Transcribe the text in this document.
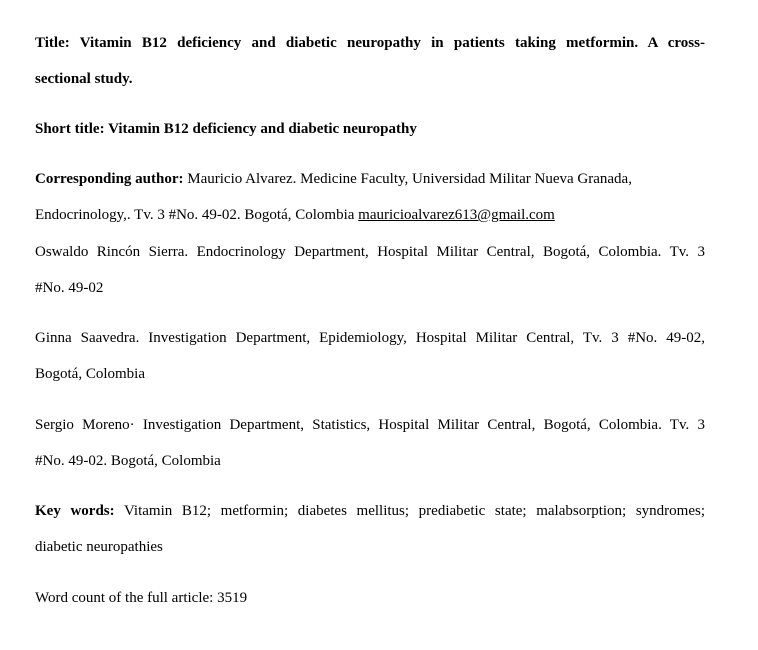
Title: Vitamin B12 deficiency and diabetic neuropathy in patients taking metformin. A cross-
sectional study.
Short title: Vitamin B12 deficiency and diabetic neuropathy
Corresponding author: Mauricio Alvarez. Medicine Faculty, Universidad Militar Nueva Granada,
Endocrinology,. Tv. 3 #No. 49-02. Bogotá, Colombia mauricioalvarez613@gmail.com
Oswaldo Rincón Sierra. Endocrinology Department, Hospital Militar Central, Bogotá, Colombia. Tv. 3
#No. 49-02
Ginna Saavedra. Investigation Department, Epidemiology, Hospital Militar Central, Tv. 3 #No. 49-02,
Bogotá, Colombia
Sergio Moreno· Investigation Department, Statistics, Hospital Militar Central, Bogotá, Colombia. Tv. 3
#No. 49-02. Bogotá, Colombia
Key words: Vitamin B12; metformin; diabetes mellitus; prediabetic state; malabsorption; syndromes;
diabetic neuropathies
Word count of the full article: 3519
